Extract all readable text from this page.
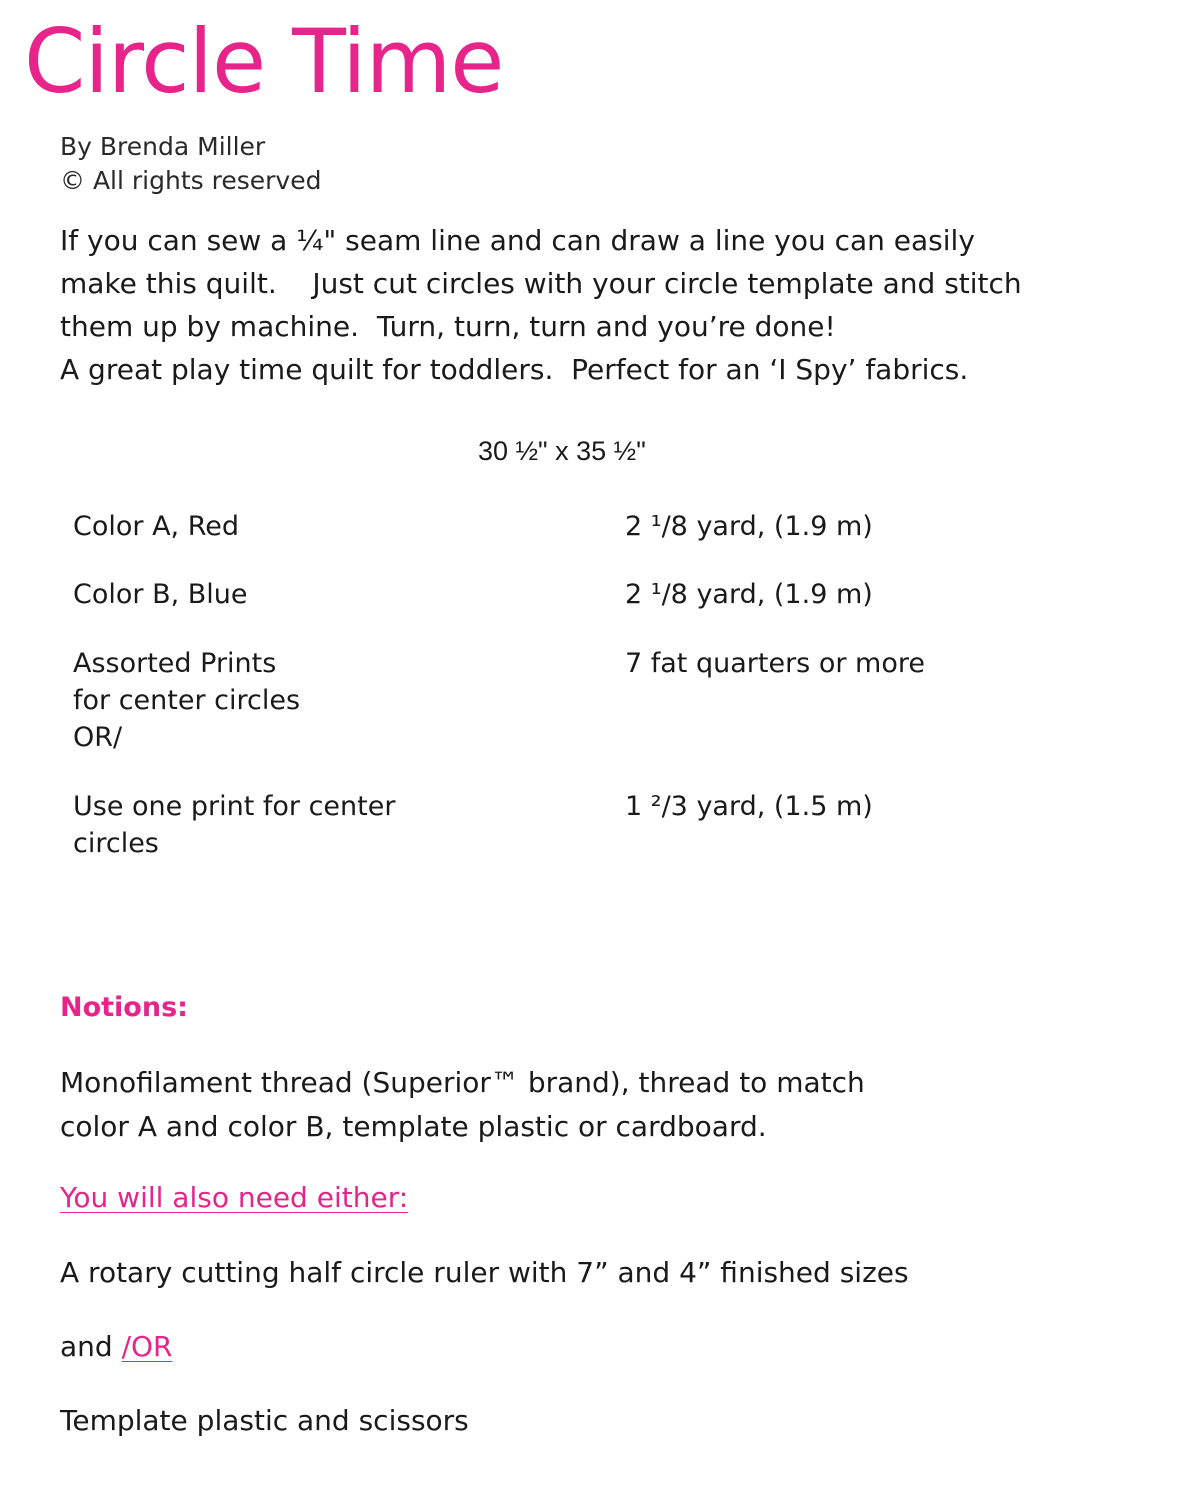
Circle Time
By Brenda Miller
© All rights reserved
If you can sew a ¼" seam line and can draw a line you can easily
make this quilt.    Just cut circles with your circle template and stitch
them up by machine.  Turn, turn, turn and you’re done!
A great play time quilt for toddlers.  Perfect for an ‘I Spy’ fabrics.
30 ½" x 35 ½"
Color A, Red	2 ¹/8 yard, (1.9 m)
Color B, Blue	2 ¹/8 yard, (1.9 m)
Assorted Prints
for center circles
OR/
7 fat quarters or more
Use one print for center
circles
1 ²/3 yard, (1.5 m)
Notions:
Monofilament thread (Superior™ brand), thread to match
color A and color B, template plastic or cardboard.
You will also need either:
A rotary cutting half circle ruler with 7” and 4” finished sizes
and /OR
Template plastic and scissors
